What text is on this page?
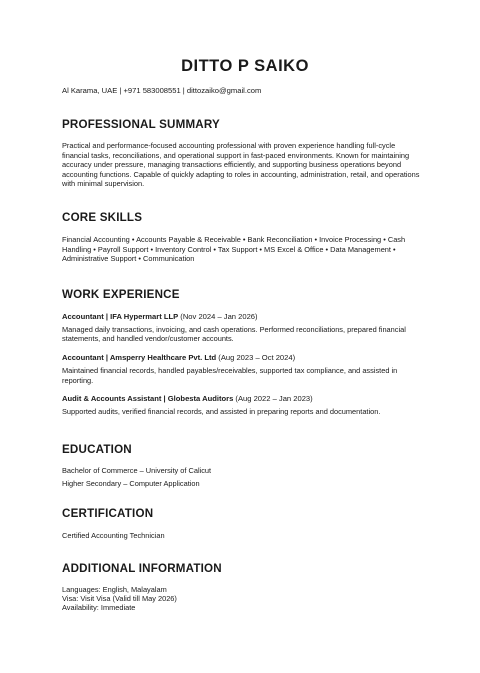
DITTO P SAIKO
Al Karama, UAE | +971 583008551 | dittozaiko@gmail.com
PROFESSIONAL SUMMARY

Practical and performance-focused accounting professional with proven experience handling full-cycle financial tasks, reconciliations, and operational support in fast-paced environments. Known for maintaining accuracy under pressure, managing transactions efficiently, and supporting business operations beyond accounting functions. Capable of quickly adapting to roles in accounting, administration, retail, and operations with minimal supervision.

CORE SKILLS

Financial Accounting • Accounts Payable & Receivable • Bank Reconciliation • Invoice Processing • Cash Handling • Payroll Support • Inventory Control • Tax Support • MS Excel & Office • Data Management • Administrative Support • Communication

WORK EXPERIENCE

Accountant | IFA Hypermart LLP (Nov 2024 – Jan 2026)

Managed daily transactions, invoicing, and cash operations. Performed reconciliations, prepared financial statements, and handled vendor/customer accounts.

Accountant | Amsperry Healthcare Pvt. Ltd (Aug 2023 – Oct 2024)

Maintained financial records, handled payables/receivables, supported tax compliance, and assisted in reporting.

Audit & Accounts Assistant | Globesta Auditors (Aug 2022 – Jan 2023)

Supported audits, verified financial records, and assisted in preparing reports and documentation.

EDUCATION

Bachelor of Commerce – University of Calicut

Higher Secondary – Computer Application

CERTIFICATION

Certified Accounting Technician

ADDITIONAL INFORMATION

Languages: English, Malayalam

Visa: Visit Visa (Valid till May 2026)

Availability: Immediate
